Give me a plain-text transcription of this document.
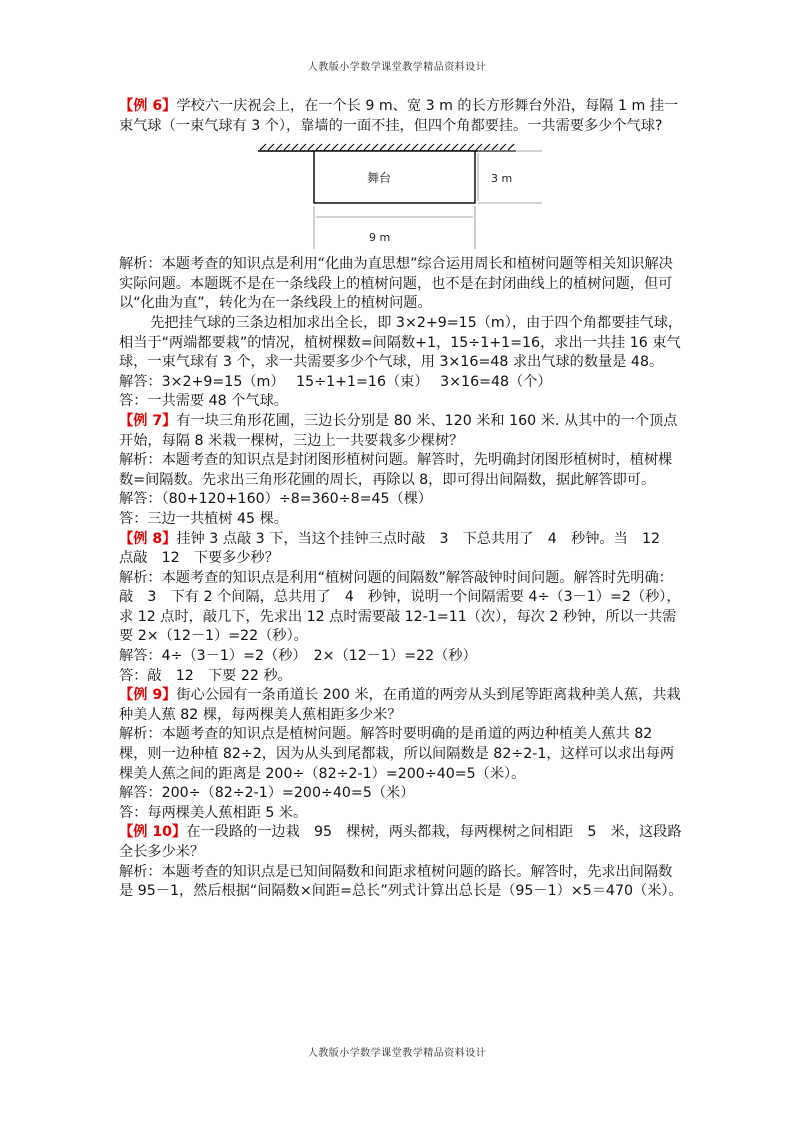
人教版小学数学课堂教学精品资料设计

【例 6】学校六一庆祝会上，在一个长 9 m、宽 3 m 的长方形舞台外沿，每隔 1 m 挂一束气球（一束气球有 3 个），靠墙的一面不挂，但四个角都要挂。一共需要多少个气球?

舞台	3 m
9 m

解析：本题考查的知识点是利用“化曲为直思想”综合运用周长和植树问题等相关知识解决实际问题。本题既不是在一条线段上的植树问题，也不是在封闭曲线上的植树问题，但可以“化曲为直”，转化为在一条线段上的植树问题。

先把挂气球的三条边相加求出全长，即 3×2+9=15（m），由于四个角都要挂气球，相当于“两端都要栽”的情况，植树棵数=间隔数+1，15÷1+1=16，求出一共挂 16 束气球，一束气球有 3 个，求一共需要多少个气球，用 3×16=48 求出气球的数量是 48。

解答：3×2+9=15（m）　 15÷1+1=16（束）　 3×16=48（个）

答：一共需要 48 个气球。

【例 7】有一块三角形花圃，三边长分别是 80 米、120 米和 160 米. 从其中的一个顶点开始，每隔 8 米栽一棵树，三边上一共要栽多少棵树？

解析：本题考查的知识点是封闭图形植树问题。解答时，先明确封闭图形植树时，植树棵数=间隔数。先求出三角形花圃的周长，再除以 8，即可得出间隔数，据此解答即可。

解答：（80+120+160）÷8=360÷8=45（棵）

答：三边一共植树 45 棵。

【例 8】挂钟 3 点敲 3 下，当这个挂钟三点时敲　3　下总共用了　4　秒钟。当　12　点敲　12　下要多少秒？

解析：本题考查的知识点是利用“植树问题的间隔数”解答敲钟时间问题。解答时先明确：敲　3　下有 2 个间隔，总共用了　4　秒钟，说明一个间隔需要 4÷（3－1）=2（秒），求 12 点时，敲几下，先求出 12 点时需要敲 12-1=11（次），每次 2 秒钟，所以一共需要 2×（12－1）=22（秒）。

解答：4÷（3－1）=2（秒）　2×（12－1）=22（秒）

答：敲　12　下要 22 秒。

【例 9】街心公园有一条甬道长 200 米，在甬道的两旁从头到尾等距离栽种美人蕉，共栽种美人蕉 82 棵，每两棵美人蕉相距多少米？

解析：本题考查的知识点是植树问题。解答时要明确的是甬道的两边种植美人蕉共 82 棵，则一边种植 82÷2，因为从头到尾都栽，所以间隔数是 82÷2-1，这样可以求出每两棵美人蕉之间的距离是 200÷（82÷2-1）=200÷40=5（米）。

解答：200÷（82÷2-1）=200÷40=5（米）

答：每两棵美人蕉相距 5 米。

【例 10】在一段路的一边栽　95　棵树，两头都栽，每两棵树之间相距　5　米，这段路全长多少米？

解析：本题考查的知识点是已知间隔数和间距求植树问题的路长。解答时，先求出间隔数是 95－1，然后根据“间隔数×间距=总长”列式计算出总长是（95－1）×5＝470（米）。

人教版小学数学课堂教学精品资料设计
